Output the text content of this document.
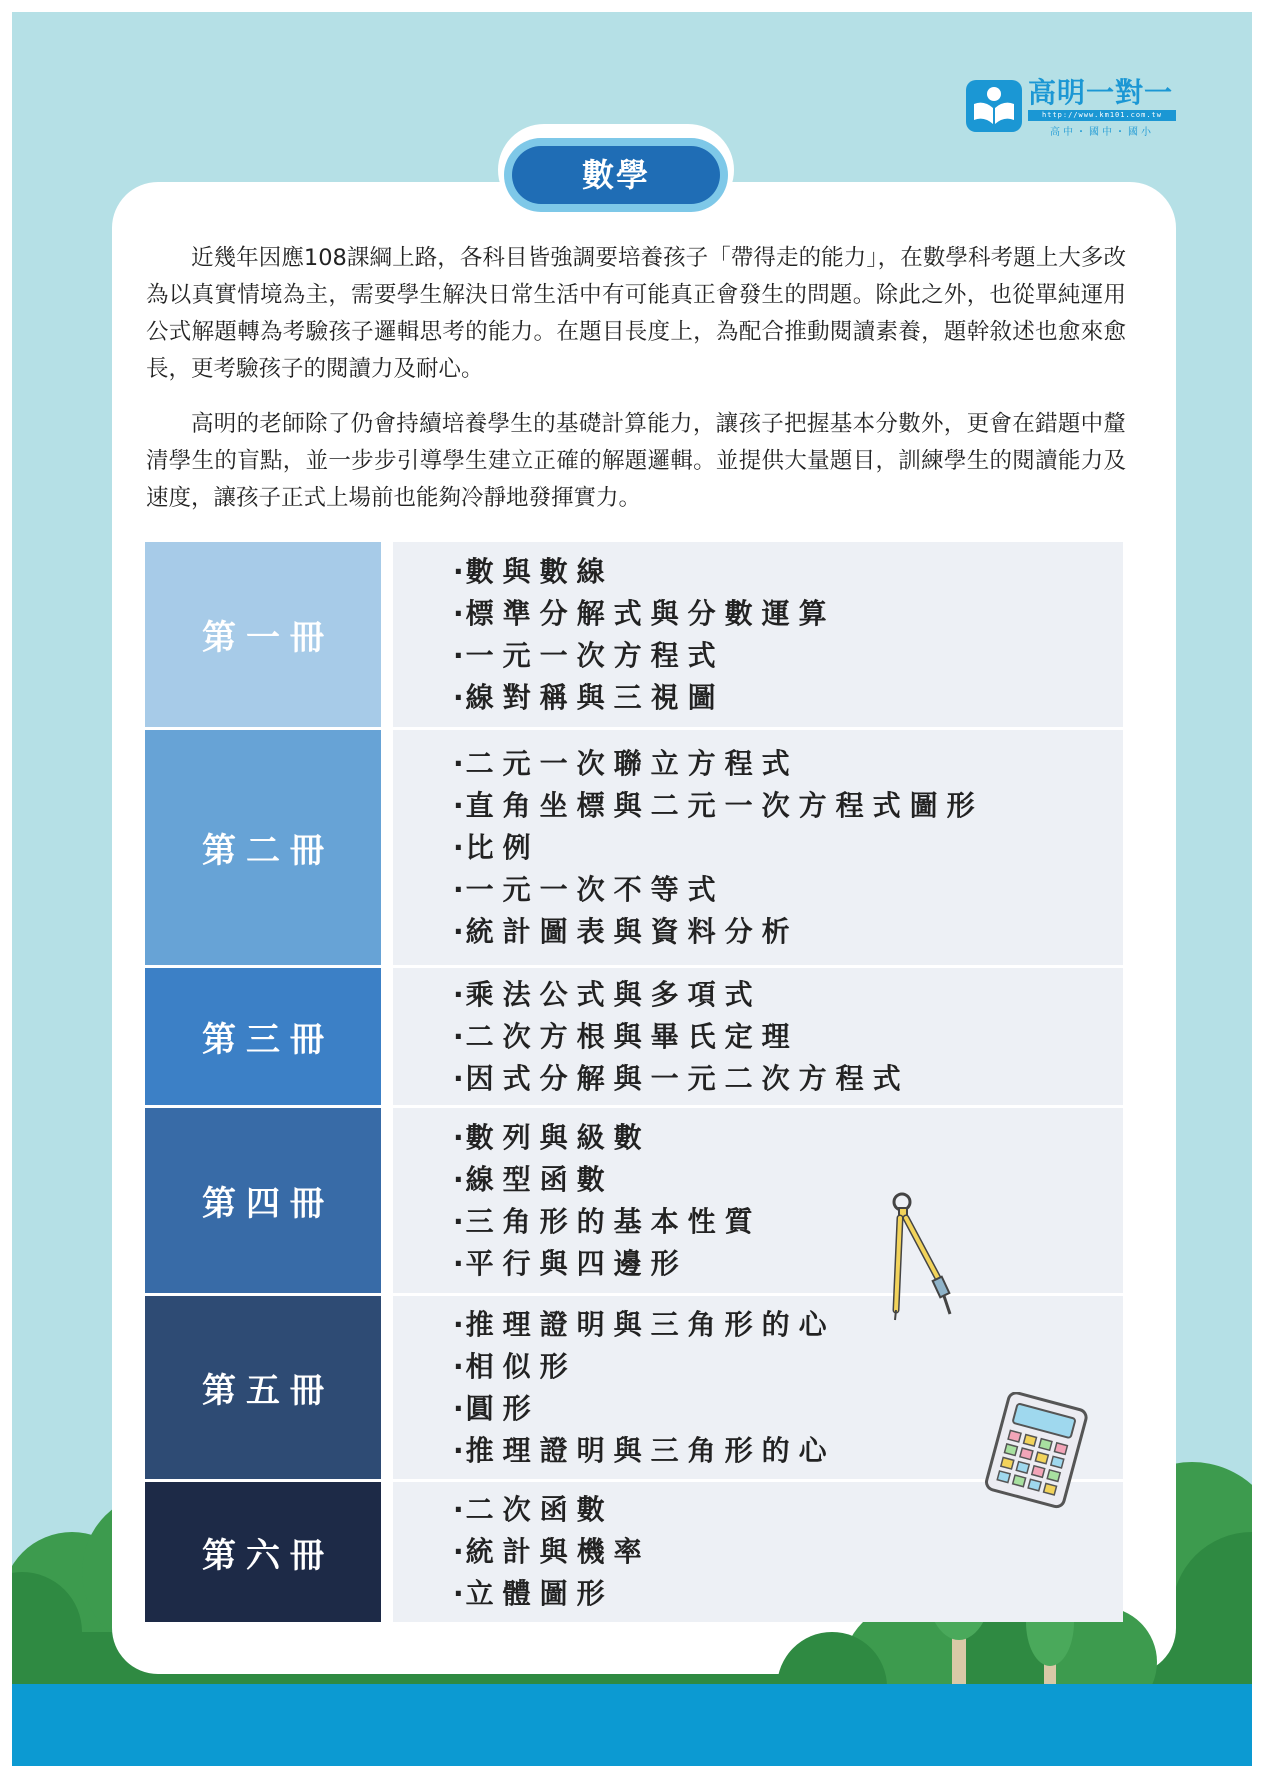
高明一對一
http://www.km101.com.tw
高中・國中・國小
數學

近幾年因應108課綱上路，各科目皆強調要培養孩子「帶得走的能力」，在數學科考題上大多改為以真實情境為主，需要學生解決日常生活中有可能真正會發生的問題。除此之外，也從單純運用公式解題轉為考驗孩子邏輯思考的能力。在題目長度上，為配合推動閱讀素養，題幹敘述也愈來愈長，更考驗孩子的閱讀力及耐心。

高明的老師除了仍會持續培養學生的基礎計算能力，讓孩子把握基本分數外，更會在錯題中釐清學生的盲點，並一步步引導學生建立正確的解題邏輯。並提供大量題目，訓練學生的閱讀能力及速度，讓孩子正式上場前也能夠冷靜地發揮實力。

第一冊
· 數與數線
· 標準分解式與分數運算
· 一元一次方程式
· 線對稱與三視圖
第二冊
· 二元一次聯立方程式
· 直角坐標與二元一次方程式圖形
· 比例
· 一元一次不等式
· 統計圖表與資料分析
第三冊
· 乘法公式與多項式
· 二次方根與畢氏定理
· 因式分解與一元二次方程式
第四冊
· 數列與級數
· 線型函數
· 三角形的基本性質
· 平行與四邊形
第五冊
· 推理證明與三角形的心
· 相似形
· 圓形
· 推理證明與三角形的心
第六冊
· 二次函數
· 統計與機率
· 立體圖形
